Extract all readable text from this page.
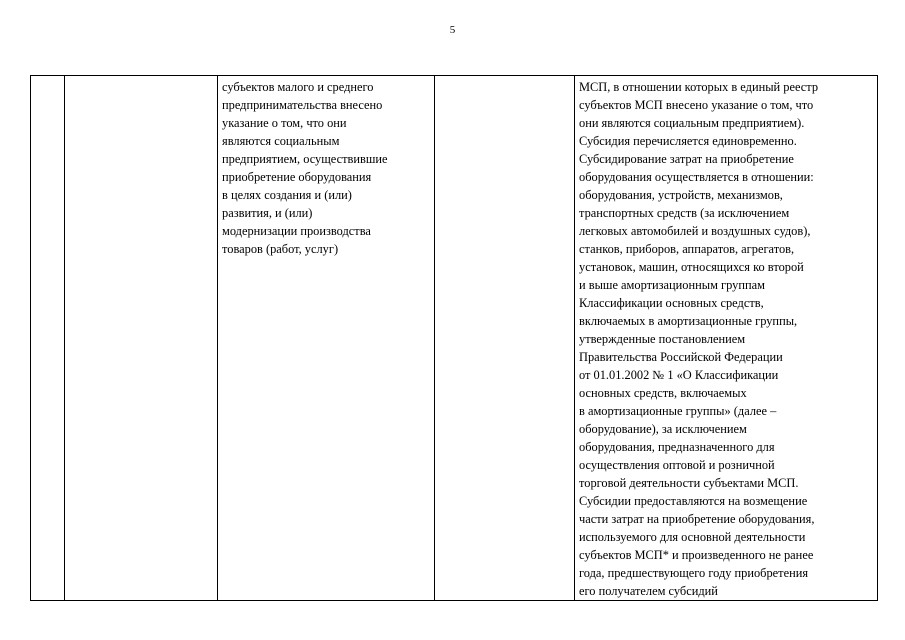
5

субъектов малого и среднего
предпринимательства внесено
указание о том, что они
являются социальным
предприятием, осуществившие
приобретение оборудования
в целях создания и (или)
развития, и (или)
модернизации производства
товаров (работ, услуг)

МСП, в отношении которых в единый реестр
субъектов МСП внесено указание о том, что
они являются социальным предприятием).
Субсидия перечисляется единовременно.
Субсидирование затрат на приобретение
оборудования осуществляется в отношении:
оборудования, устройств, механизмов,
транспортных средств (за исключением
легковых автомобилей и воздушных судов),
станков, приборов, аппаратов, агрегатов,
установок, машин, относящихся ко второй
и выше амортизационным группам
Классификации основных средств,
включаемых в амортизационные группы,
утвержденные постановлением
Правительства Российской Федерации
от 01.01.2002 № 1 «О Классификации
основных средств, включаемых
в амортизационные группы» (далее –
оборудование), за исключением
оборудования, предназначенного для
осуществления оптовой и розничной
торговой деятельности субъектами МСП.
Субсидии предоставляются на возмещение
части затрат на приобретение оборудования,
используемого для основной деятельности
субъектов МСП* и произведенного не ранее
года, предшествующего году приобретения
его получателем субсидий
